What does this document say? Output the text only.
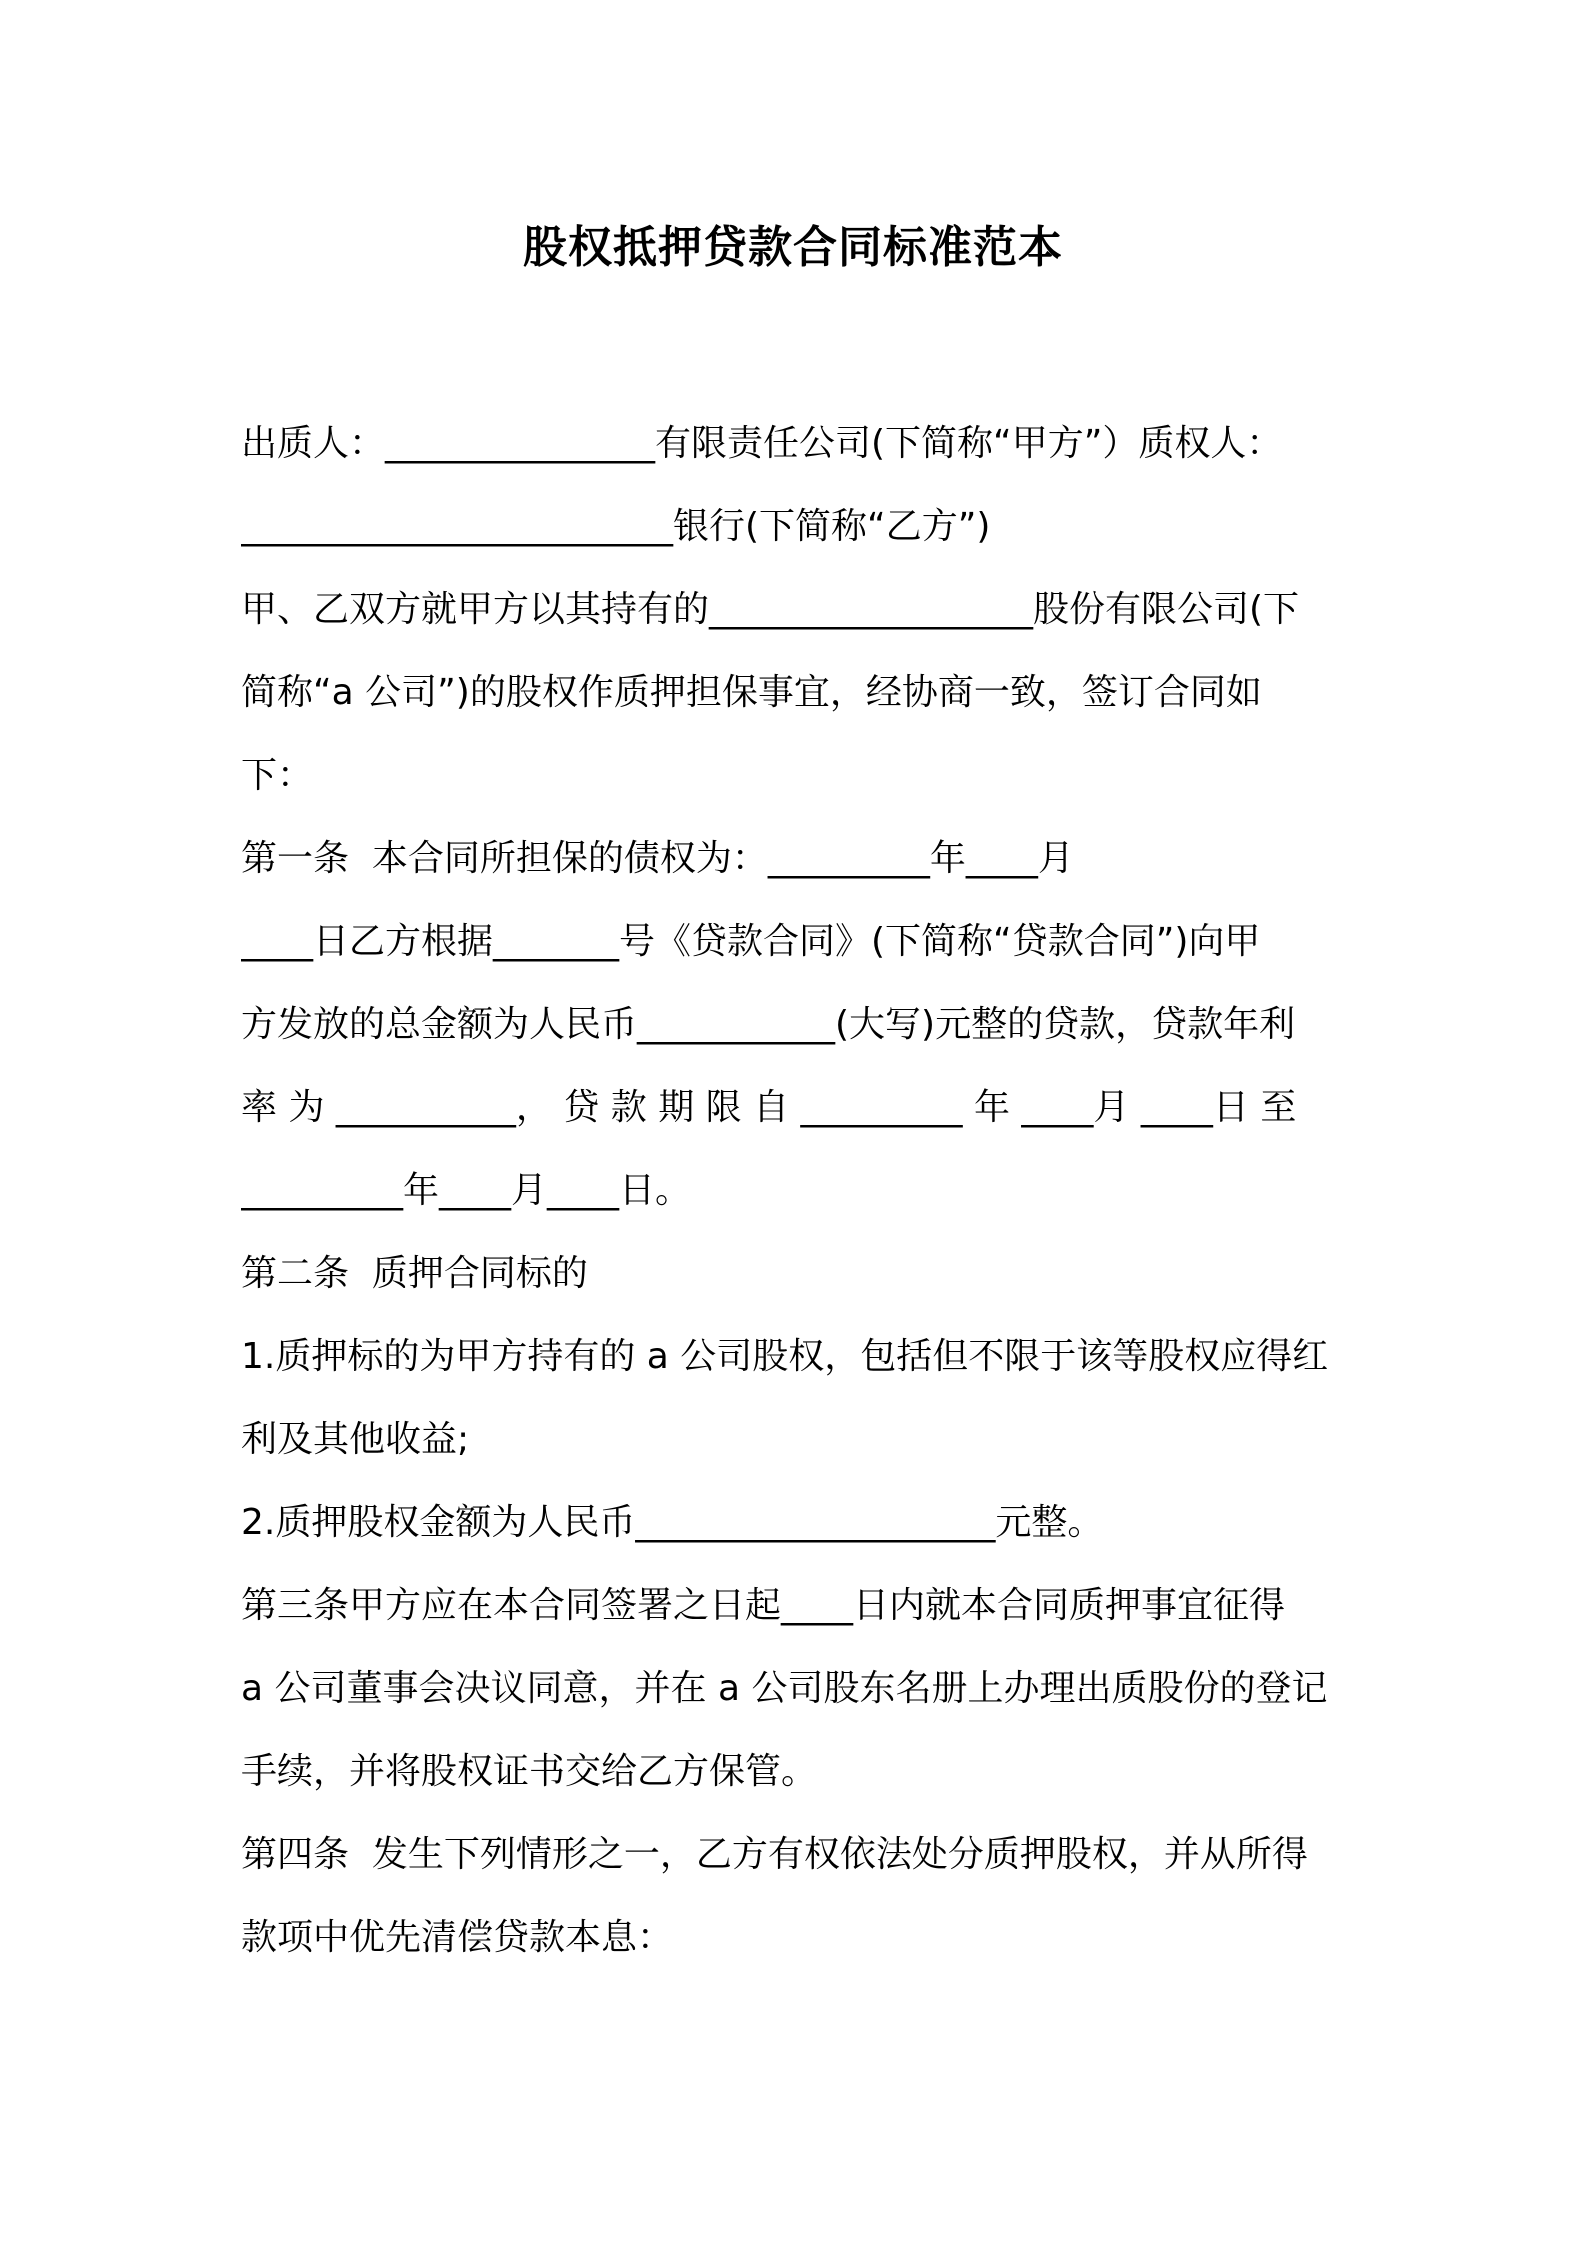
股权抵押贷款合同标准范本
出质人：_______________有限责任公司(下简称“甲方”）质权人：
________________________银行(下简称“乙方”)
甲、乙双方就甲方以其持有的__________________股份有限公司(下
简称“a 公司”)的股权作质押担保事宜，经协商一致，签订合同如
下：
第一条  本合同所担保的债权为：_________年____月
____日乙方根据_______号《贷款合同》(下简称“贷款合同”)向甲
方发放的总金额为人民币___________(大写)元整的贷款，贷款年利
率 为 __________， 贷 款 期 限 自 _________ 年 ____月 ____日 至
_________年____月____日。
第二条  质押合同标的
1.质押标的为甲方持有的 a 公司股权，包括但不限于该等股权应得红
利及其他收益;
2.质押股权金额为人民币____________________元整。
第三条甲方应在本合同签署之日起____日内就本合同质押事宜征得
a 公司董事会决议同意，并在 a 公司股东名册上办理出质股份的登记
手续，并将股权证书交给乙方保管。
第四条  发生下列情形之一，乙方有权依法处分质押股权，并从所得
款项中优先清偿贷款本息：
